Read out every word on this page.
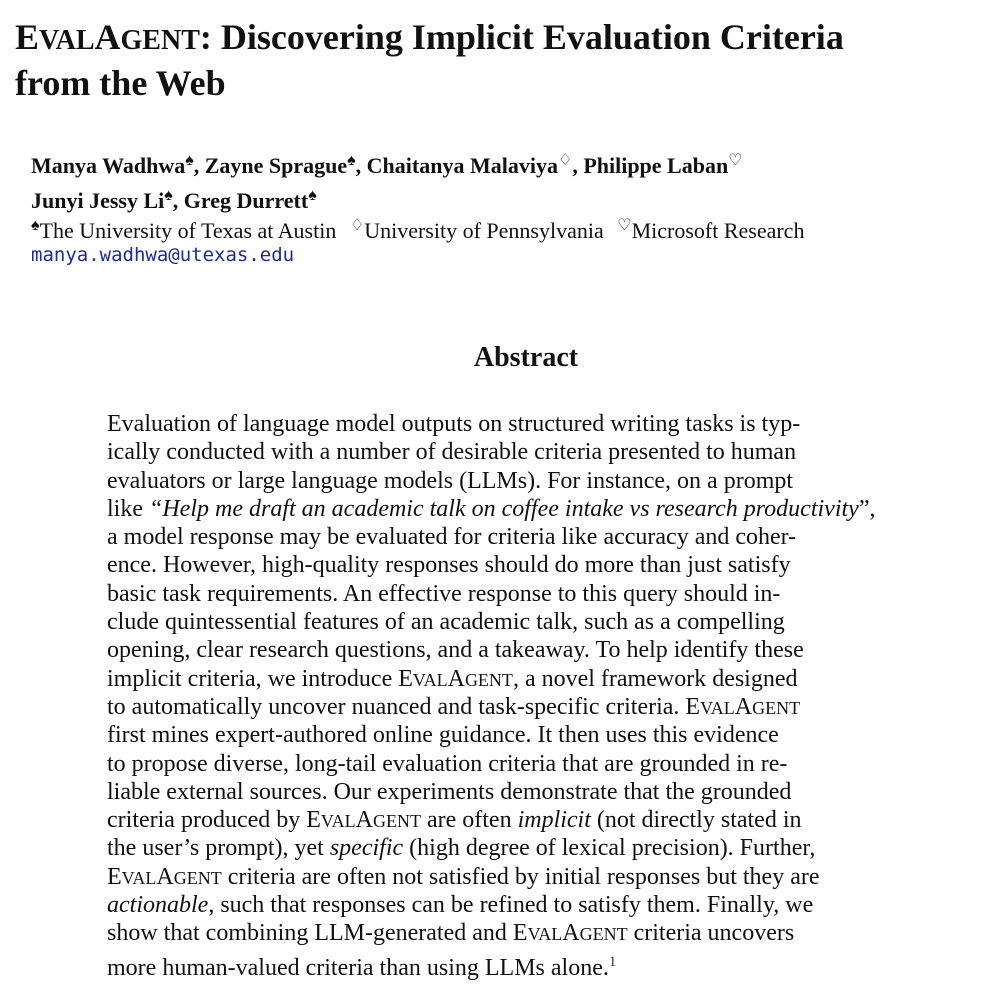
EVALAGENT: Discovering Implicit Evaluation Criteria
from the Web
Manya Wadhwa♠, Zayne Sprague♠, Chaitanya Malaviya♢, Philippe Laban♡
Junyi Jessy Li♠, Greg Durrett♠
♠The University of Texas at Austin ♢University of Pennsylvania ♡Microsoft Research
manya.wadhwa@utexas.edu
Abstract
Evaluation of language model outputs on structured writing tasks is typ-
ically conducted with a number of desirable criteria presented to human
evaluators or large language models (LLMs). For instance, on a prompt
like “Help me draft an academic talk on coffee intake vs research productivity”,
a model response may be evaluated for criteria like accuracy and coher-
ence. However, high-quality responses should do more than just satisfy
basic task requirements. An effective response to this query should in-
clude quintessential features of an academic talk, such as a compelling
opening, clear research questions, and a takeaway. To help identify these
implicit criteria, we introduce EVALAGENT, a novel framework designed
to automatically uncover nuanced and task-specific criteria. EVALAGENT
first mines expert-authored online guidance. It then uses this evidence
to propose diverse, long-tail evaluation criteria that are grounded in re-
liable external sources. Our experiments demonstrate that the grounded
criteria produced by EVALAGENT are often implicit (not directly stated in
the user’s prompt), yet specific (high degree of lexical precision). Further,
EVALAGENT criteria are often not satisfied by initial responses but they are
actionable, such that responses can be refined to satisfy them. Finally, we
show that combining LLM-generated and EVALAGENT criteria uncovers
more human-valued criteria than using LLMs alone.$^1$
